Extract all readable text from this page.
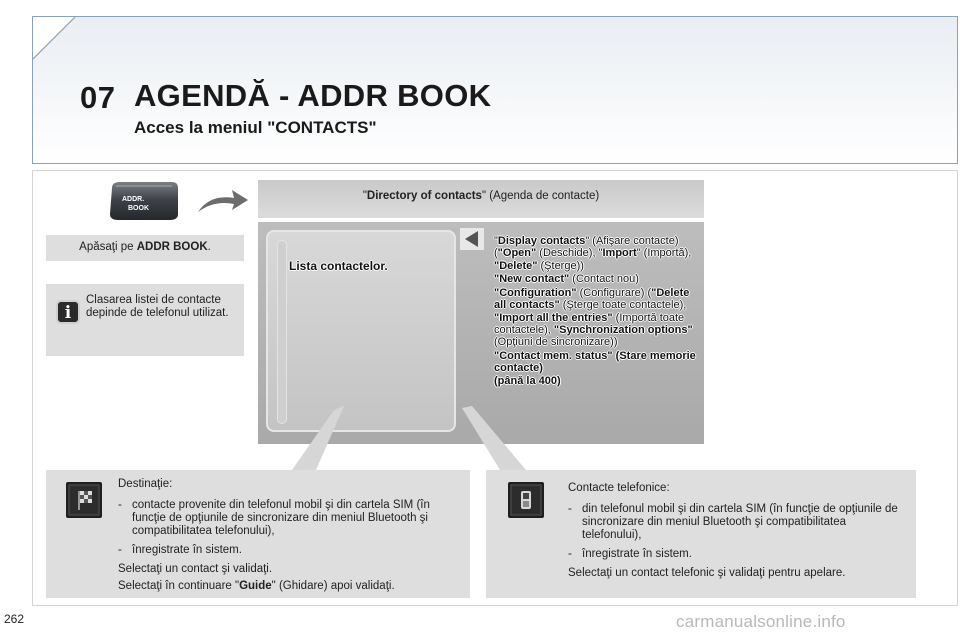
07 AGENDĂ - ADDR BOOK
Acces la meniul "CONTACTS"
ADDR.
BOOK
Apăsaţi pe ADDR BOOK.
i
Clasarea listei de contacte depinde de telefonul utilizat.
"Directory of contacts" (Agenda de contacte)
Lista contactelor.

"Display contacts" (Afişare contacte) ("Open" (Deschide), "Import" (Importă), "Delete" (Şterge))

"New contact" (Contact nou)

"Configuration" (Configurare) ("Delete all contacts" (Şterge toate contactele), "Import all the entries" (Importă toate contactele), "Synchronization options" (Opţiuni de sincronizare))

"Contact mem. status" (Stare memorie contacte)
(până la 400)

Destinaţie:
- contacte provenite din telefonul mobil şi din cartela SIM (în funcţie de opţiunile de sincronizare din meniul Bluetooth şi compatibilitatea telefonului),
- înregistrate în sistem.
Selectaţi un contact şi validaţi.
Selectaţi în continuare "Guide" (Ghidare) apoi validaţi.
Contacte telefonice:
- din telefonul mobil şi din cartela SIM (în funcţie de opţiunile de sincronizare din meniul Bluetooth şi compatibilitatea telefonului),
- înregistrate în sistem.
Selectaţi un contact telefonic şi validaţi pentru apelare.
262	carmanualsonline.info
